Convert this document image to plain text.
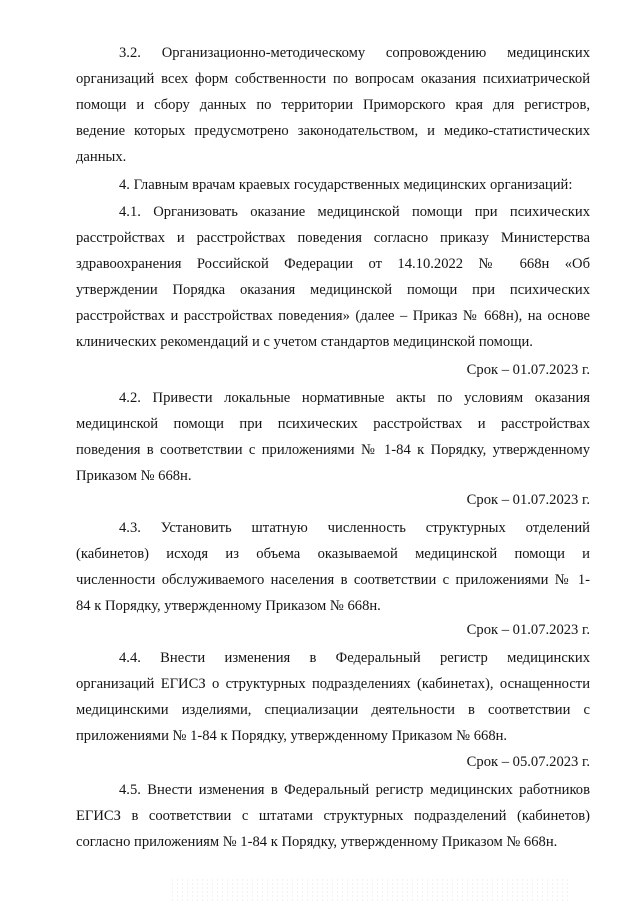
3.2. Организационно-методическому сопровождению медицинских
организаций всех форм собственности по вопросам оказания психиатрической
помощи и сбору данных по территории Приморского края для регистров,
ведение которых предусмотрено законодательством, и медико-статистических
данных.
4. Главным врачам краевых государственных медицинских организаций:
4.1. Организовать оказание медицинской помощи при психических
расстройствах и расстройствах поведения согласно приказу Министерства
здравоохранения Российской Федерации от 14.10.2022 № 668н «Об
утверждении Порядка оказания медицинской помощи при психических
расстройствах и расстройствах поведения» (далее – Приказ № 668н), на основе
клинических рекомендаций и с учетом стандартов медицинской помощи.
Срок – 01.07.2023 г.
4.2. Привести локальные нормативные акты по условиям оказания
медицинской помощи при психических расстройствах и расстройствах
поведения в соответствии с приложениями № 1-84 к Порядку, утвержденному
Приказом № 668н.
Срок – 01.07.2023 г.
4.3. Установить штатную численность структурных отделений
(кабинетов) исходя из объема оказываемой медицинской помощи и
численности обслуживаемого населения в соответствии с приложениями № 1-
84 к Порядку, утвержденному Приказом № 668н.
Срок – 01.07.2023 г.
4.4. Внести изменения в Федеральный регистр медицинских
организаций ЕГИСЗ о структурных подразделениях (кабинетах), оснащенности
медицинскими изделиями, специализации деятельности в соответствии с
приложениями № 1-84 к Порядку, утвержденному Приказом № 668н.
Срок – 05.07.2023 г.
4.5. Внести изменения в Федеральный регистр медицинских работников
ЕГИСЗ в соответствии с штатами структурных подразделений (кабинетов)
согласно приложениям № 1-84 к Порядку, утвержденному Приказом № 668н.
